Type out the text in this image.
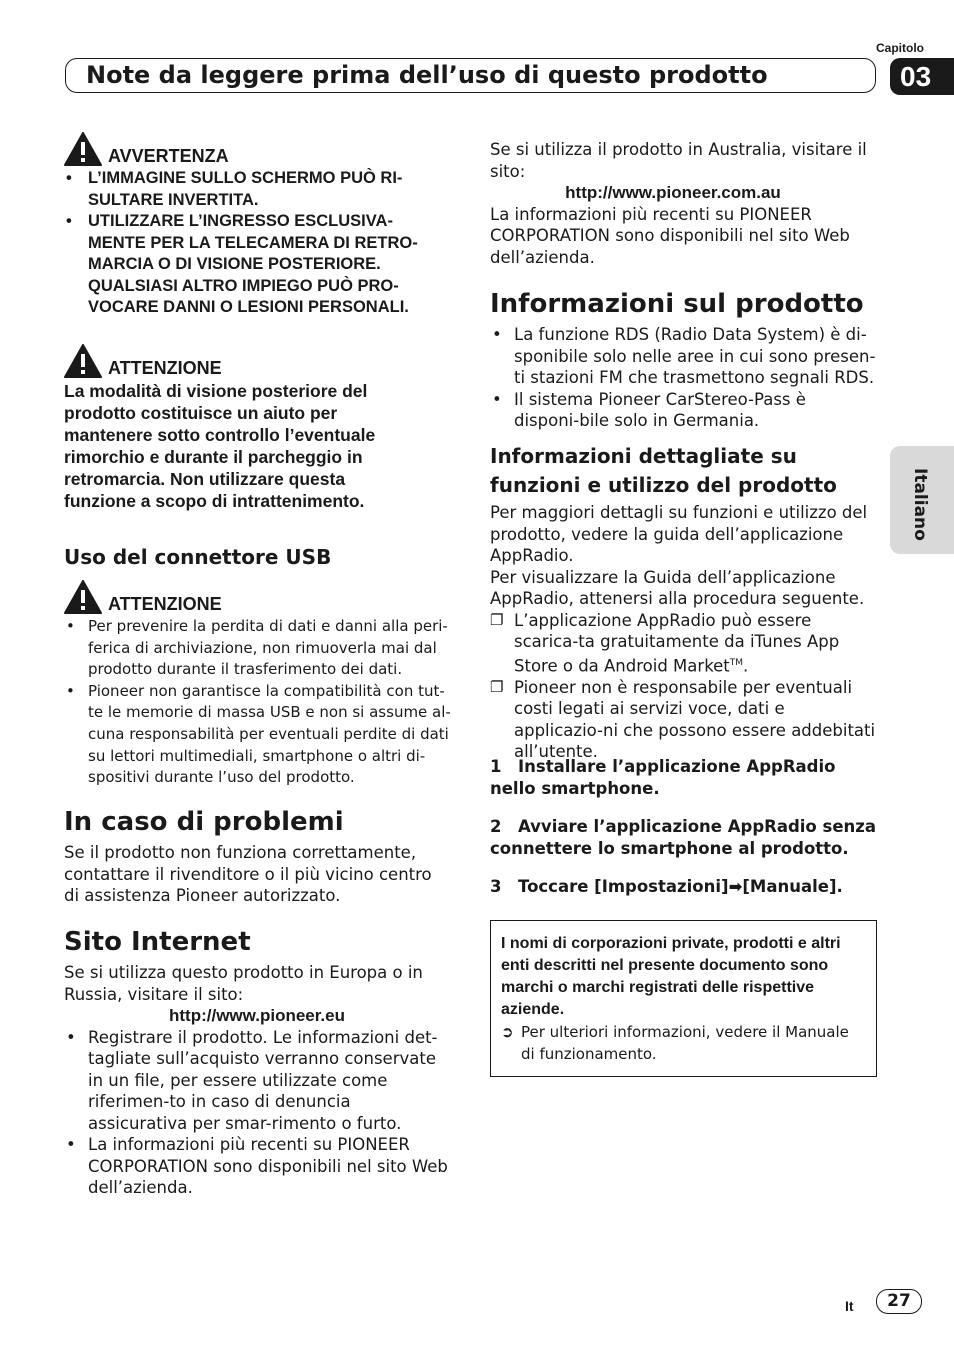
Capitolo
03
Note da leggere prima dell’uso di questo prodotto
Italiano
AVVERTENZA
• L’IMMAGINE SULLO SCHERMO PUÒ RI-SULTARE INVERTITA.
• UTILIZZARE L’INGRESSO ESCLUSIVA-MENTE PER LA TELECAMERA DI RETRO-MARCIA O DI VISIONE POSTERIORE. QUALSIASI ALTRO IMPIEGO PUÒ PRO-VOCARE DANNI O LESIONI PERSONALI.
ATTENZIONE

La modalità di visione posteriore del prodotto costituisce un aiuto per mantenere sotto controllo l’eventuale rimorchio e durante il parcheggio in retromarcia. Non utilizzare questa funzione a scopo di intrattenimento.

Uso del connettore USB

ATTENZIONE
• Per prevenire la perdita di dati e danni alla peri-ferica di archiviazione, non rimuoverla mai dal prodotto durante il trasferimento dei dati.
• Pioneer non garantisce la compatibilità con tut-te le memorie di massa USB e non si assume al-cuna responsabilità per eventuali perdite di dati su lettori multimediali, smartphone o altri di-spositivi durante l’uso del prodotto.

In caso di problemi

Se il prodotto non funziona correttamente, contattare il rivenditore o il più vicino centro di assistenza Pioneer autorizzato.

Sito Internet

Se si utilizza questo prodotto in Europa o in Russia, visitare il sito:

http://www.pioneer.eu
• Registrare il prodotto. Le informazioni det-tagliate sull’acquisto verranno conservate in un file, per essere utilizzate come riferimen-to in caso di denuncia assicurativa per smar-rimento o furto.
• La informazioni più recenti su PIONEER CORPORATION sono disponibili nel sito Web dell’azienda.

Se si utilizza il prodotto in Australia, visitare il sito:

http://www.pioneer.com.au

La informazioni più recenti su PIONEER CORPORATION sono disponibili nel sito Web dell’azienda.

Informazioni sul prodotto

• La funzione RDS (Radio Data System) è di-sponibile solo nelle aree in cui sono presen-ti stazioni FM che trasmettono segnali RDS.
• Il sistema Pioneer CarStereo-Pass è disponi-bile solo in Germania.

Informazioni dettagliate su funzioni e utilizzo del prodotto

Per maggiori dettagli su funzioni e utilizzo del prodotto, vedere la guida dell’applicazione AppRadio.

Per visualizzare la Guida dell’applicazione AppRadio, attenersi alla procedura seguente.

❐ L’applicazione AppRadio può essere scarica-ta gratuitamente da iTunes App Store o da Android Market™.
❐ Pioneer non è responsabile per eventuali costi legati ai servizi voce, dati e applicazio-ni che possono essere addebitati all’utente.

1 Installare l’applicazione AppRadio nello smartphone.

2 Avviare l’applicazione AppRadio senza connettere lo smartphone al prodotto.

3 Toccare [Impostazioni]➡[Manuale].

I nomi di corporazioni private, prodotti e altri enti descritti nel presente documento sono marchi o marchi registrati delle rispettive aziende.

➲ Per ulteriori informazioni, vedere il Manuale di funzionamento.

It	27
